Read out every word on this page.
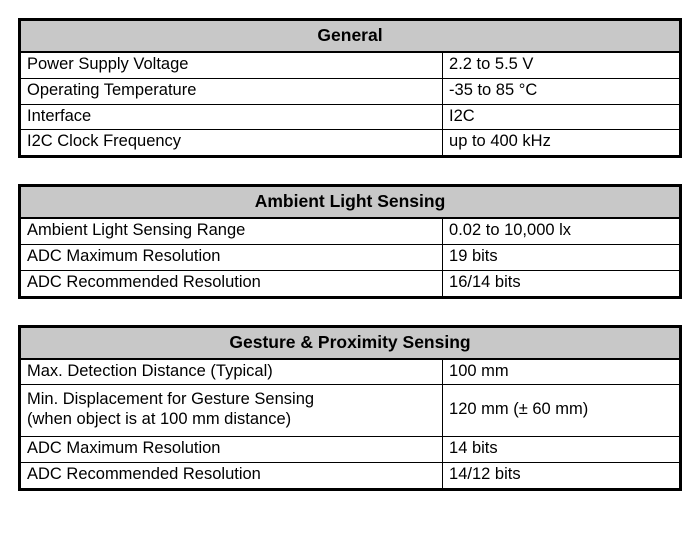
General	
Power Supply Voltage	2.2 to 5.5 V
Operating Temperature	-35 to 85 °C
Interface	I2C
I2C Clock Frequency	up to 400 kHz
Ambient Light Sensing	
Ambient Light Sensing Range	0.02 to 10,000 lx
ADC Maximum Resolution	19 bits
ADC Recommended Resolution	16/14 bits
Gesture & Proximity Sensing	
Max. Detection Distance (Typical)	100 mm

Min. Displacement for Gesture Sensing
(when object is at 100 mm distance)	120 mm (± 60 mm)
ADC Maximum Resolution	14 bits
ADC Recommended Resolution	14/12 bits
